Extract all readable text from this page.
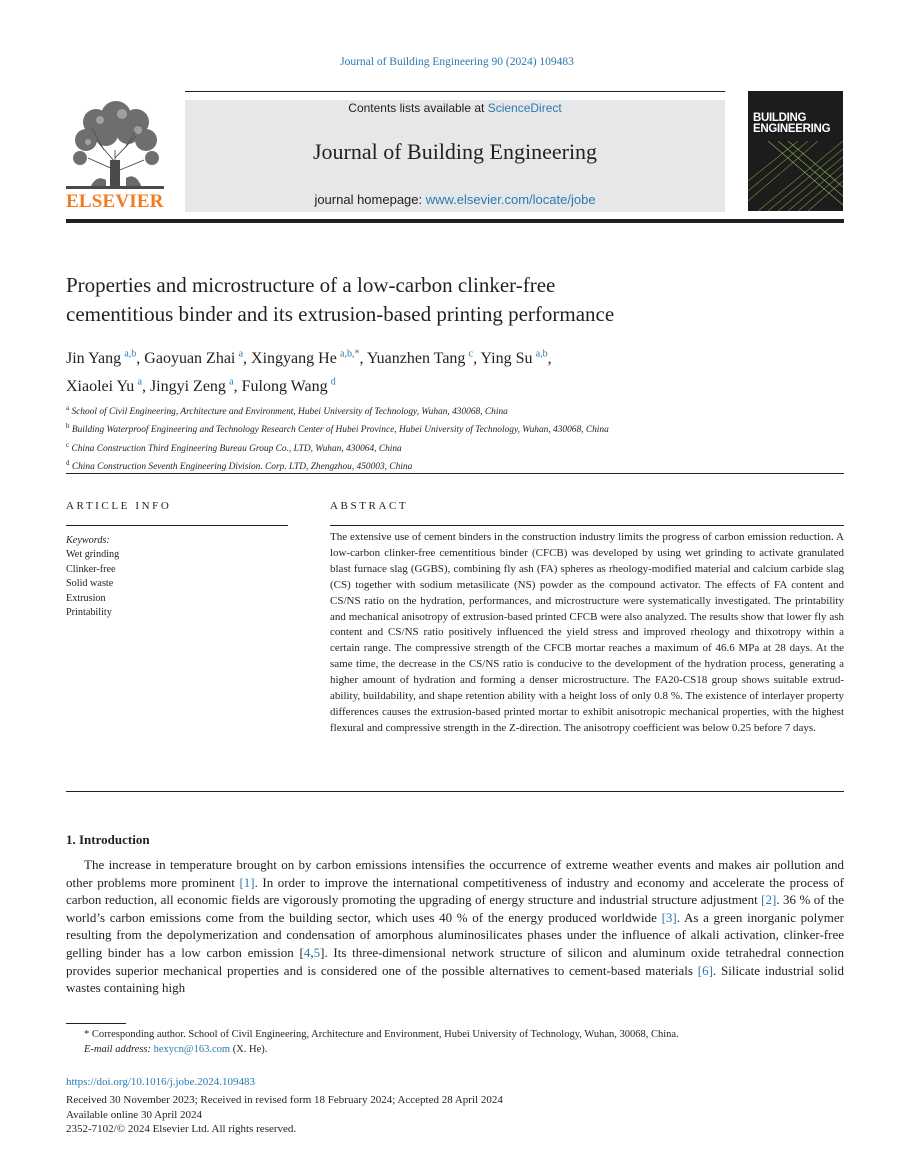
Journal of Building Engineering 90 (2024) 109483
ELSEVIER
Contents lists available at ScienceDirect
Journal of Building Engineering
journal homepage: www.elsevier.com/locate/jobe
BUILDING
ENGINEERING
Properties and microstructure of a low-carbon clinker-free
cementitious binder and its extrusion-based printing performance
Jin Yang  $^{a,b}$, Gaoyuan Zhai  $^a$, Xingyang He  $^{a,b,*}$, Yuanzhen Tang  $^c$, Ying Su  $^{a,b}$,
Xiaolei Yu  $^a$, Jingyi Zeng  $^a$, Fulong Wang  $^d$
$^a$ School of Civil Engineering, Architecture and Environment, Hubei University of Technology, Wuhan, 430068, China
$^b$ Building Waterproof Engineering and Technology Research Center of Hubei Province, Hubei University of Technology, Wuhan, 430068, China
$^c$ China Construction Third Engineering Bureau Group Co., LTD, Wuhan, 430064, China
$^d$ China Construction Seventh Engineering Division. Corp. LTD, Zhengzhou, 450003, China
ARTICLE INFO
Keywords:
Wet grinding
Clinker-free
Solid waste
Extrusion
Printability
ABSTRACT
The extensive use of cement binders in the construction industry limits the progress of carbon emission reduction. A low-carbon clinker-free cementitious binder (CFCB) was developed by using wet grinding to activate granulated blast furnace slag (GGBS), combining fly ash (FA) spheres as rheology-modified material and calcium carbide slag (CS) together with sodium metasilicate (NS) powder as the compound activator. The effects of FA content and CS/NS ratio on the hydration, performances, and microstructure were systematically investigated. The printability and mechanical anisotropy of extrusion-based printed CFCB were also analyzed. The results show that lower fly ash content and CS/NS ratio positively influenced the yield stress and improved rheology and thixotropy within a certain range. The compressive strength of the CFCB mortar reaches a maximum of 46.6 MPa at 28 days. At the same time, the decrease in the CS/NS ratio is conducive to the development of the hydration process, generating a higher amount of hydration and forming a denser microstructure. The FA20-CS18 group shows suitable extrudability, buildability, and shape retention ability with a height loss of only 0.8 %. The existence of interlayer property differences causes the extrusion-based printed mortar to exhibit anisotropic mechanical properties, with the highest flexural and compressive strength in the Z-direction. The anisotropy coefficient was below 0.25 before 7 days.
1. Introduction
The increase in temperature brought on by carbon emissions intensifies the occurrence of extreme weather events and makes air pollution and other problems more prominent [1]. In order to improve the international competitiveness of industry and economy and accelerate the process of carbon reduction, all economic fields are vigorously promoting the upgrading of energy structure and industrial structure adjustment [2]. 36 % of the world’s carbon emissions come from the building sector, which uses 40 % of the energy produced worldwide [3]. As a green inorganic polymer resulting from the depolymerization and condensation of amorphous aluminosilicates phases under the influence of alkali activation, clinker-free gelling binder has a low carbon emission [4,5]. Its three-dimensional network structure of silicon and aluminum oxide tetrahedral connection provides superior mechanical properties and is considered one of the possible alternatives to cement-based materials [6]. Silicate industrial solid wastes containing high
* Corresponding author. School of Civil Engineering, Architecture and Environment, Hubei University of Technology, Wuhan, 30068, China.
E-mail address: hexycn@163.com (X. He).
https://doi.org/10.1016/j.jobe.2024.109483
Received 30 November 2023; Received in revised form 18 February 2024; Accepted 28 April 2024
Available online 30 April 2024
2352-7102/© 2024 Elsevier Ltd. All rights reserved.
